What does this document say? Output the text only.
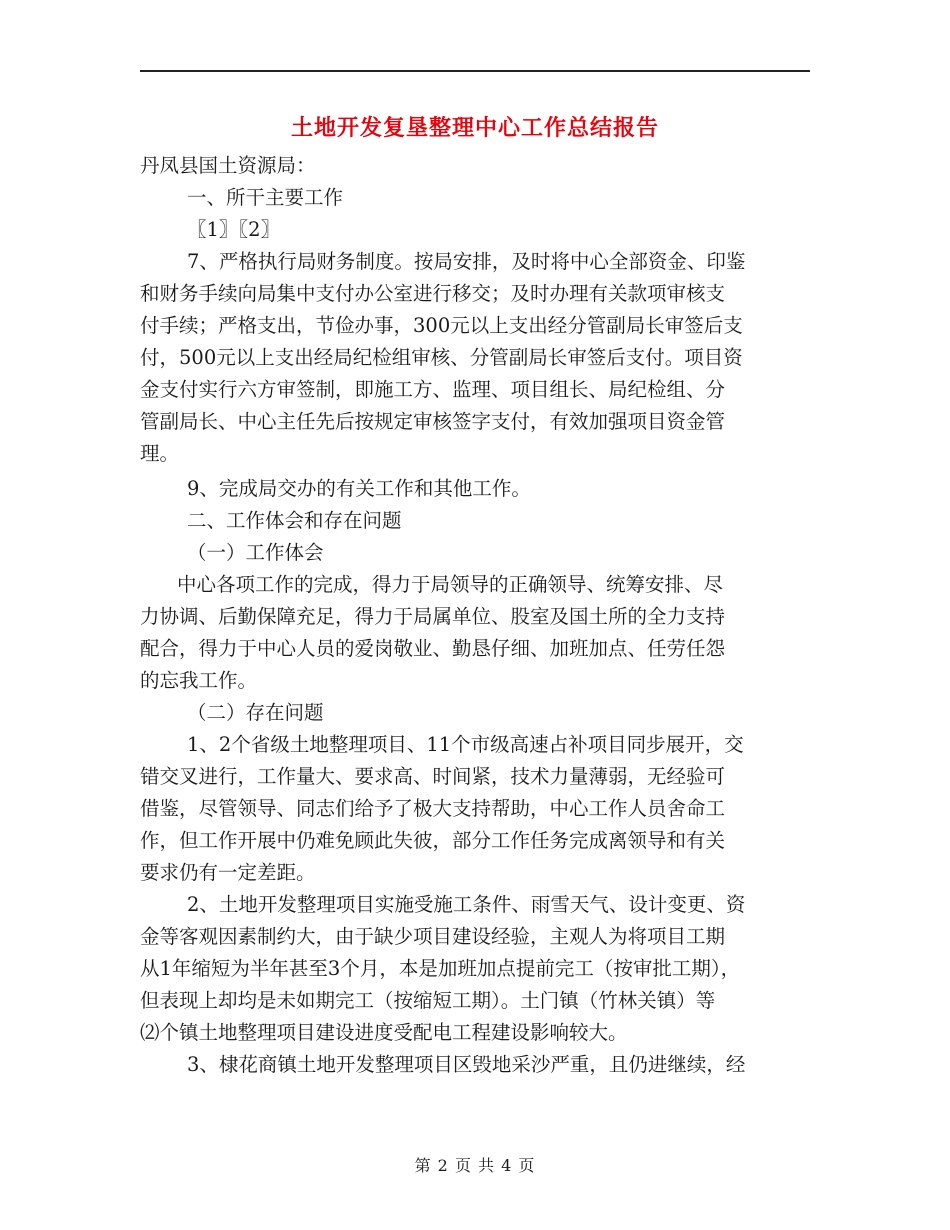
土地开发复垦整理中心工作总结报告
丹凤县国土资源局：
一、所干主要工作
〖1〗〖2〗
7、严格执行局财务制度。按局安排，及时将中心全部资金、印鉴
和财务手续向局集中支付办公室进行移交；及时办理有关款项审核支
付手续；严格支出，节俭办事，300元以上支出经分管副局长审签后支
付，500元以上支出经局纪检组审核、分管副局长审签后支付。项目资
金支付实行六方审签制，即施工方、监理、项目组长、局纪检组、分
管副局长、中心主任先后按规定审核签字支付，有效加强项目资金管
理。
9、完成局交办的有关工作和其他工作。
二、工作体会和存在问题
（一）工作体会
中心各项工作的完成，得力于局领导的正确领导、统筹安排、尽
力协调、后勤保障充足，得力于局属单位、股室及国土所的全力支持
配合，得力于中心人员的爱岗敬业、勤恳仔细、加班加点、任劳任怨
的忘我工作。
（二）存在问题
1、2个省级土地整理项目、11个市级高速占补项目同步展开，交
错交叉进行，工作量大、要求高、时间紧，技术力量薄弱，无经验可
借鉴，尽管领导、同志们给予了极大支持帮助，中心工作人员舍命工
作，但工作开展中仍难免顾此失彼，部分工作任务完成离领导和有关
要求仍有一定差距。
2、土地开发整理项目实施受施工条件、雨雪天气、设计变更、资
金等客观因素制约大，由于缺少项目建设经验，主观人为将项目工期
从1年缩短为半年甚至3个月，本是加班加点提前完工（按审批工期），
但表现上却均是未如期完工（按缩短工期）。土门镇（竹林关镇）等
⑵个镇土地整理项目建设进度受配电工程建设影响较大。
3、棣花商镇土地开发整理项目区毁地采沙严重，且仍进继续，经
第 2 页 共 4 页
